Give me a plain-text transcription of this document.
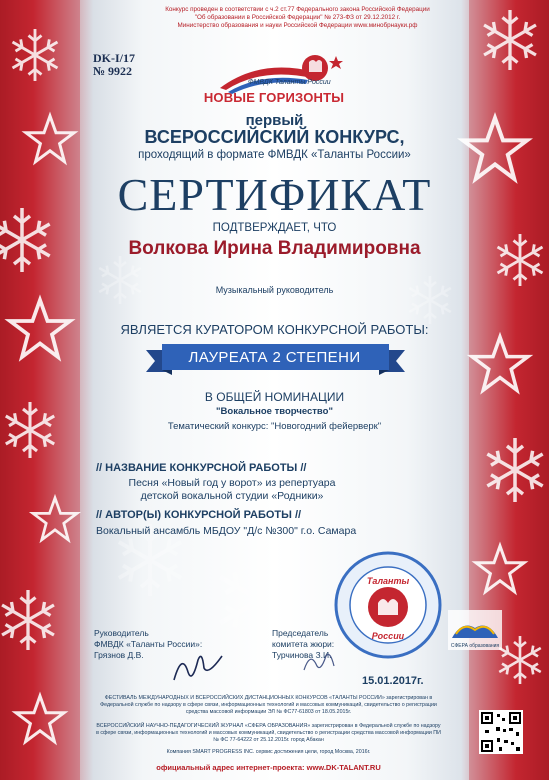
Конкурс проведен в соответствии с ч.2 ст.77 Федерального закона Российской Федерации
"Об образовании в Российской Федерации" № 273-ФЗ от 29.12.2012 г.
Министерство образования и науки Российской Федерации www.минобрнауки.рф
DK-I/17
№ 9922
ФМВДК Таланты России
НОВЫЕ ГОРИЗОНТЫ
первый
ВСЕРОССИЙСКИЙ КОНКУРС,
проходящий в формате ФМВДК «Таланты России»
СЕРТИФИКАТ
ПОДТВЕРЖДАЕТ, ЧТО
Волкова Ирина Владимировна
Музыкальный руководитель
ЯВЛЯЕТСЯ КУРАТОРОМ КОНКУРСНОЙ РАБОТЫ:
ЛАУРЕАТА 2 СТЕПЕНИ
В ОБЩЕЙ НОМИНАЦИИ
"Вокальное творчество"
Тематический конкурс: "Новогодний фейерверк"
// НАЗВАНИЕ КОНКУРСНОЙ РАБОТЫ //
Песня «Новый год у ворот» из репертуара
детской вокальной студии «Родники»
// АВТОР(Ы) КОНКУРСНОЙ РАБОТЫ //
Вокальный ансамбль МБДОУ "Д/с №300" г.о. Самара
Таланты
России
СФЕРА образования
Руководитель
ФМВДК «Таланты России»:
Грязнов Д.В.
Председатель
комитета жюри:
Турчинова З.И.
15.01.2017г.
ФЕСТИВАЛЬ МЕЖДУНАРОДНЫХ И ВСЕРОССИЙСКИХ ДИСТАНЦИОННЫХ КОНКУРСОВ «ТАЛАНТЫ РОССИИ» зарегистрирован в Федеральной службе по надзору в сфере связи, информационных технологий и массовых коммуникаций, свидетельство о регистрации средства массовой информации ЭЛ № ФС77-61803 от 18.05.2015г.
ВСЕРОССИЙСКИЙ НАУЧНО-ПЕДАГОГИЧЕСКИЙ ЖУРНАЛ «СФЕРА ОБРАЗОВАНИЯ» зарегистрирован в Федеральной службе по надзору в сфере связи, информационных технологий и массовых коммуникаций, свидетельство о регистрации средства массовой информации ПИ № ФС 77-64222 от 25.12.2015г. город Абакан
Компания SMART PROGRESS INC. сервис достижения цели, город Москва, 2016г.
официальный адрес интернет-проекта: www.DK-TALANT.RU
